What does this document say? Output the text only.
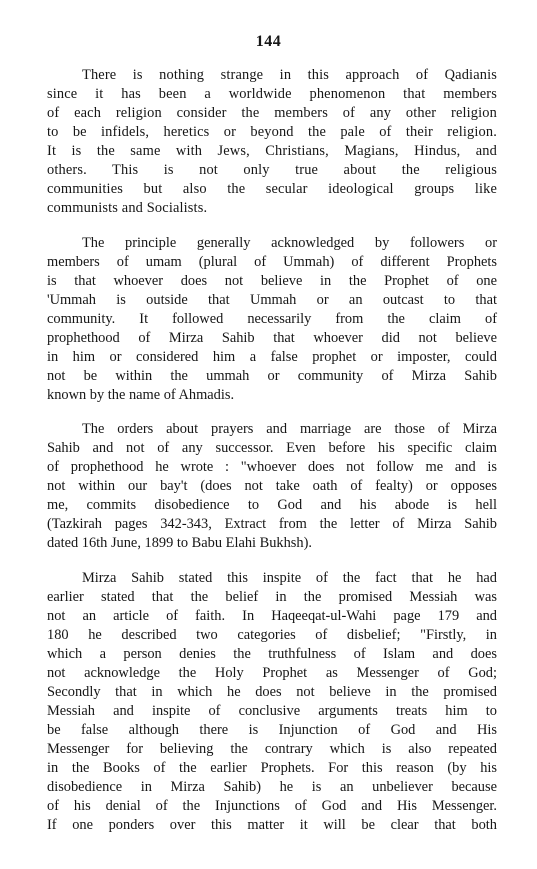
144
There is nothing strange in this approach of Qadianis
since it has been a worldwide phenomenon that members
of each religion consider the members of any other religion
to be infidels, heretics or beyond the pale of their religion.
It is the same with Jews, Christians, Magians, Hindus, and
others. This is not only true about the religious
communities but also the secular ideological groups like
communists and Socialists.
The principle generally acknowledged by followers or
members of umam (plural of Ummah) of different Prophets
is that whoever does not believe in the Prophet of one
'Ummah is outside that Ummah or an outcast to that
community. It followed necessarily from the claim of
prophethood of Mirza Sahib that whoever did not believe
in him or considered him a false prophet or imposter, could
not be within the ummah or community of Mirza Sahib
known by the name of Ahmadis.
The orders about prayers and marriage are those of Mirza
Sahib and not of any successor. Even before his specific claim
of prophethood he wrote : "whoever does not follow me and is
not within our bay't (does not take oath of fealty) or opposes
me, commits disobedience to God and his abode is hell
(Tazkirah pages 342-343, Extract from the letter of Mirza Sahib
dated 16th June, 1899 to Babu Elahi Bukhsh).
Mirza Sahib stated this inspite of the fact that he had
earlier stated that the belief in the promised Messiah was
not an article of faith. In Haqeeqat-ul-Wahi page 179 and
180 he described two categories of disbelief; "Firstly, in
which a person denies the truthfulness of Islam and does
not acknowledge the Holy Prophet as Messenger of God;
Secondly that in which he does not believe in the promised
Messiah and inspite of conclusive arguments treats him to
be false although there is Injunction of God and His
Messenger for believing the contrary which is also repeated
in the Books of the earlier Prophets. For this reason (by his
disobedience in Mirza Sahib) he is an unbeliever because
of his denial of the Injunctions of God and His Messenger.
If one ponders over this matter it will be clear that both
